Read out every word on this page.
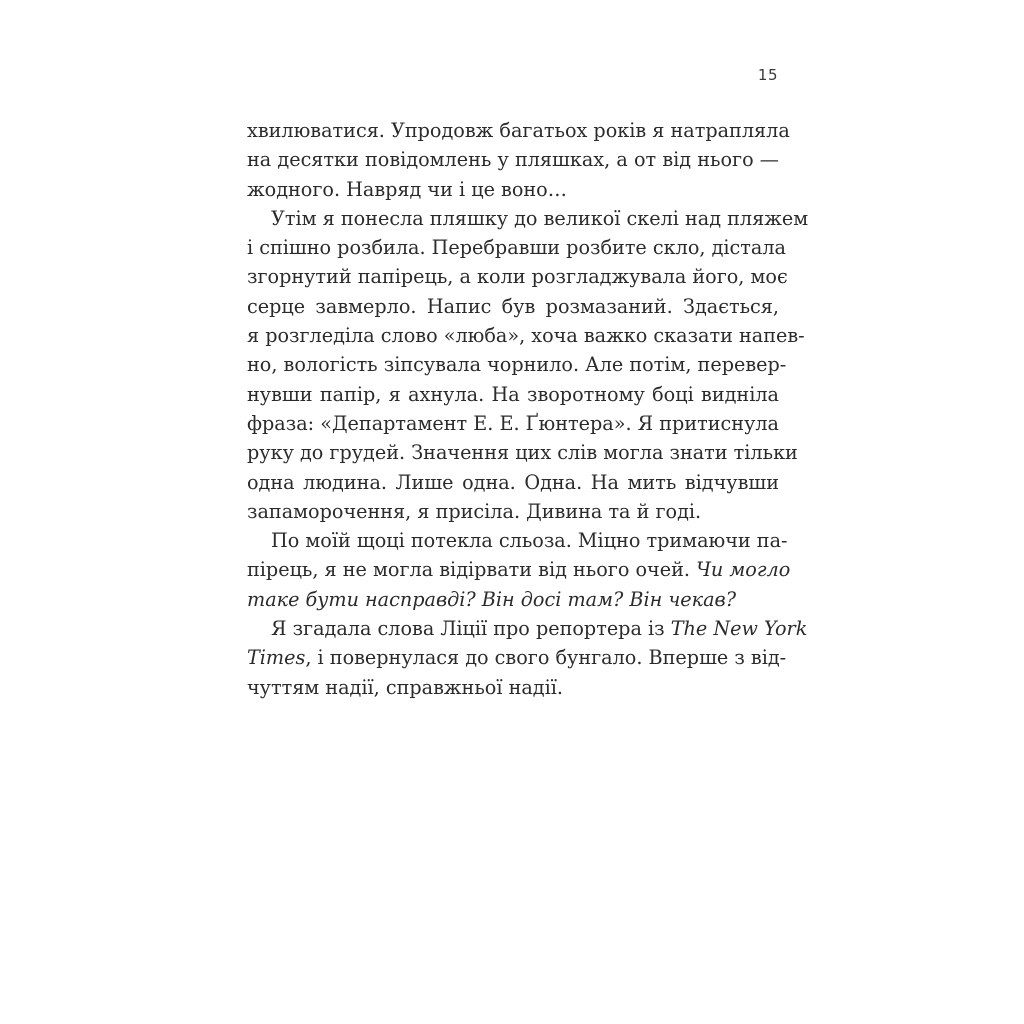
15
хвилюватися. Упродовж багатьох років я натрапляла
на десятки повідомлень у пляшках, а от від нього —
жодного. Навряд чи і це воно…
Утім я понесла пляшку до великої скелі над пляжем
і спішно розбила. Перебравши розбите скло, дістала
згорнутий папірець, а коли розгладжувала його, моє
серце завмерло. Напис був розмазаний. Здається,
я розгледіла слово «люба», хоча важко сказати напев-
но, вологість зіпсувала чорнило. Але потім, перевер-
нувши папір, я ахнула. На зворотному боці видніла
фраза: «Департамент Е. Е. Ґюнтера». Я притиснула
руку до грудей. Значення цих слів могла знати тільки
одна людина. Лише одна. Одна. На мить відчувши
запаморочення, я присіла. Дивина та й годі.
По моїй щоці потекла сльоза. Міцно тримаючи па-
пірець, я не могла відірвати від нього очей. Чи могло
таке бути насправді? Він досі там? Він чекав?
Я згадала слова Ліції про репортера із The New York
Times, і повернулася до свого бунгало. Вперше з від-
чуттям надії, справжньої надії.
